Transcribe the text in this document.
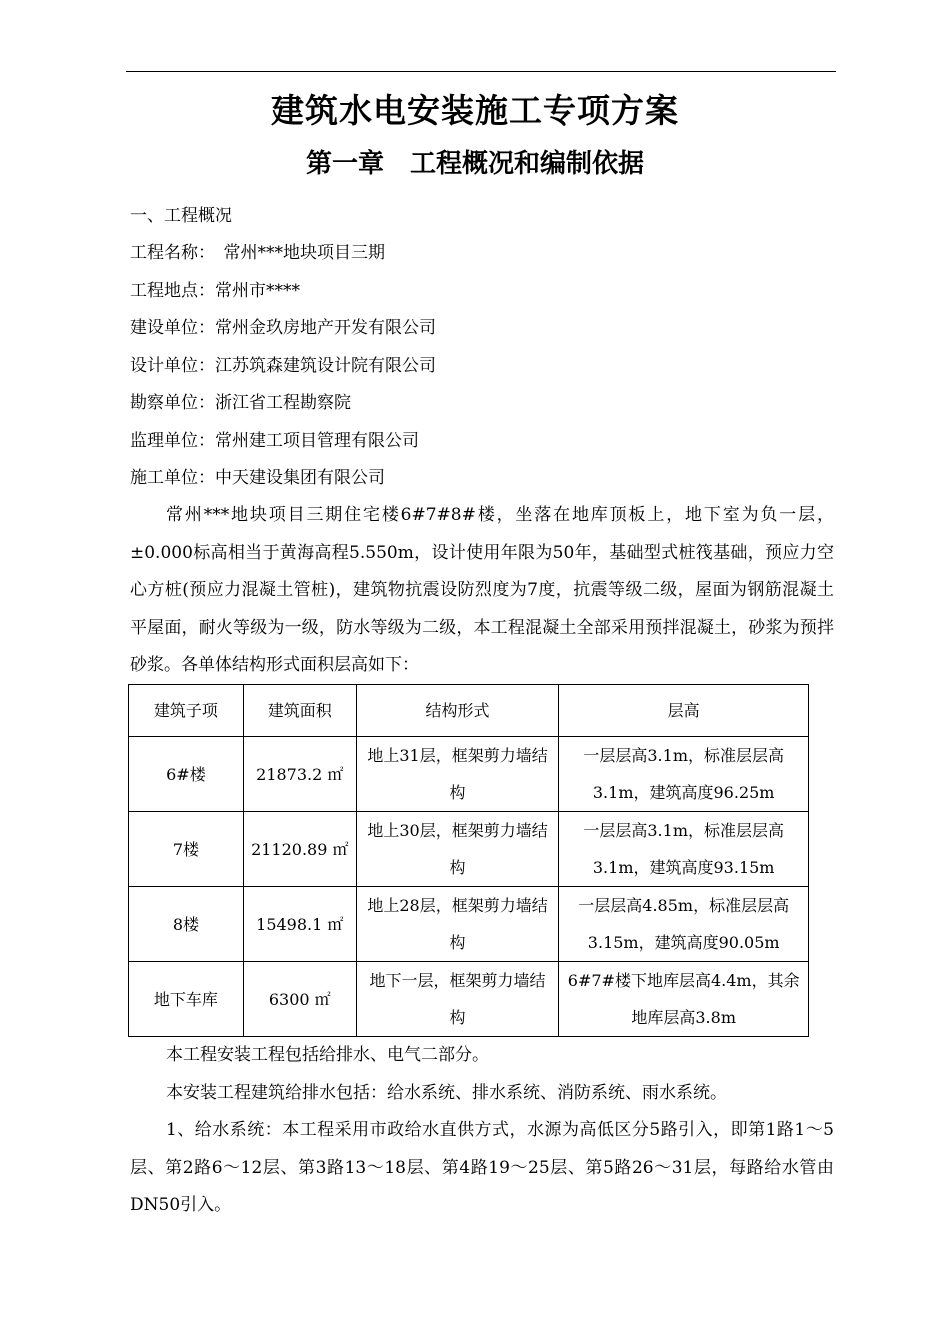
建筑水电安装施工专项方案
第一章　工程概况和编制依据
一、工程概况
工程名称：　常州***地块项目三期
工程地点：常州市****
建设单位：常州金玖房地产开发有限公司
设计单位：江苏筑森建筑设计院有限公司
勘察单位：浙江省工程勘察院
监理单位：常州建工项目管理有限公司
施工单位：中天建设集团有限公司
常州***地块项目三期住宅楼6#7#8#楼，坐落在地库顶板上，地下室为负一层，±0.000标高相当于黄海高程5.550m，设计使用年限为50年，基础型式桩筏基础，预应力空心方桩(预应力混凝土管桩)，建筑物抗震设防烈度为7度，抗震等级二级，屋面为钢筋混凝土平屋面，耐火等级为一级，防水等级为二级，本工程混凝土全部采用预拌混凝土，砂浆为预拌砂浆。各单体结构形式面积层高如下：
建筑子项	建筑面积	结构形式	层高
6#楼	21873.2 ㎡	地上31层，框架剪力墙结构	一层层高3.1m，标准层层高3.1m，建筑高度96.25m
7楼	21120.89 ㎡	地上30层，框架剪力墙结构	一层层高3.1m，标准层层高3.1m，建筑高度93.15m
8楼	15498.1 ㎡	地上28层，框架剪力墙结构	一层层高4.85m，标准层层高3.15m，建筑高度90.05m
地下车库	6300 ㎡	地下一层，框架剪力墙结构	6#7#楼下地库层高4.4m，其余地库层高3.8m
本工程安装工程包括给排水、电气二部分。
本安装工程建筑给排水包括：给水系统、排水系统、消防系统、雨水系统。
1、给水系统：本工程采用市政给水直供方式，水源为高低区分5路引入，即第1路1～5层、第2路6～12层、第3路13～18层、第4路19～25层、第5路26～31层，每路给水管由DN50引入。
